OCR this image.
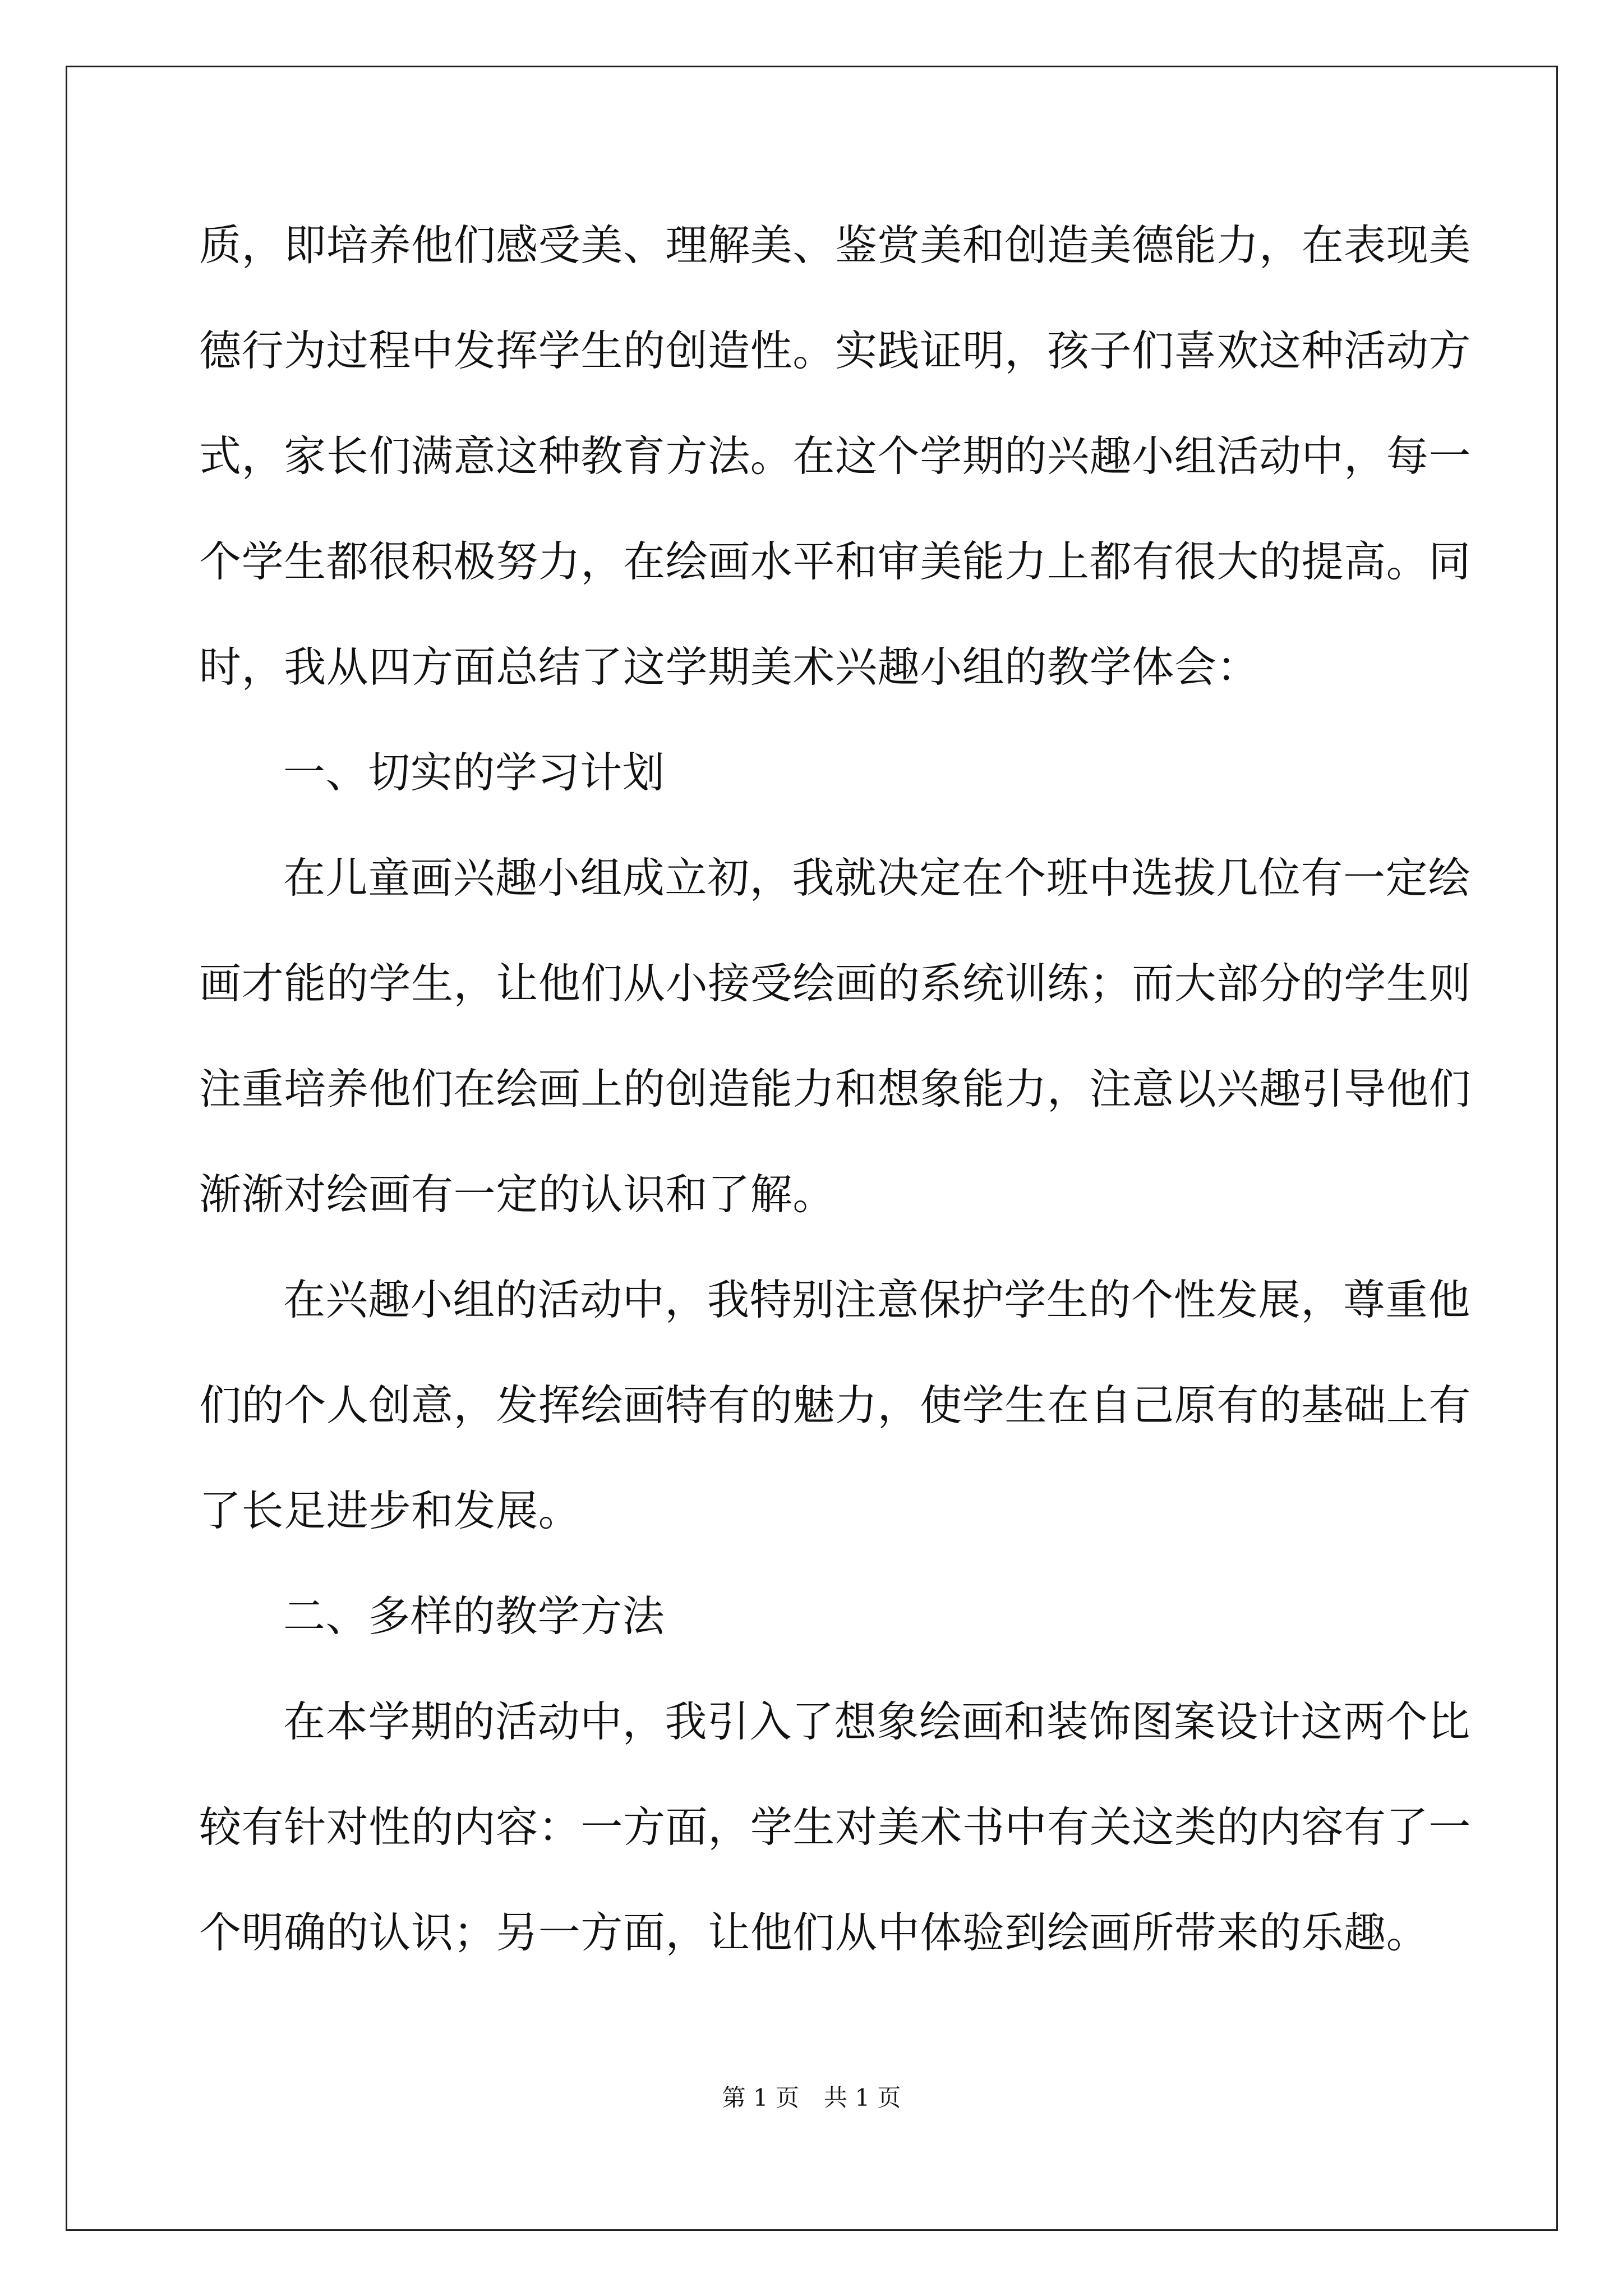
质，即培养他们感受美、理解美、鉴赏美和创造美德能力，在表现美
德行为过程中发挥学生的创造性。实践证明，孩子们喜欢这种活动方
式，家长们满意这种教育方法。在这个学期的兴趣小组活动中，每一
个学生都很积极努力，在绘画水平和审美能力上都有很大的提高。同
时，我从四方面总结了这学期美术兴趣小组的教学体会：
一、切实的学习计划
在儿童画兴趣小组成立初，我就决定在个班中选拔几位有一定绘
画才能的学生，让他们从小接受绘画的系统训练；而大部分的学生则
注重培养他们在绘画上的创造能力和想象能力，注意以兴趣引导他们
渐渐对绘画有一定的认识和了解。
在兴趣小组的活动中，我特别注意保护学生的个性发展，尊重他
们的个人创意，发挥绘画特有的魅力，使学生在自己原有的基础上有
了长足进步和发展。
二、多样的教学方法
在本学期的活动中，我引入了想象绘画和装饰图案设计这两个比
较有针对性的内容：一方面，学生对美术书中有关这类的内容有了一
个明确的认识；另一方面，让他们从中体验到绘画所带来的乐趣。
第 1 页 共 1 页
